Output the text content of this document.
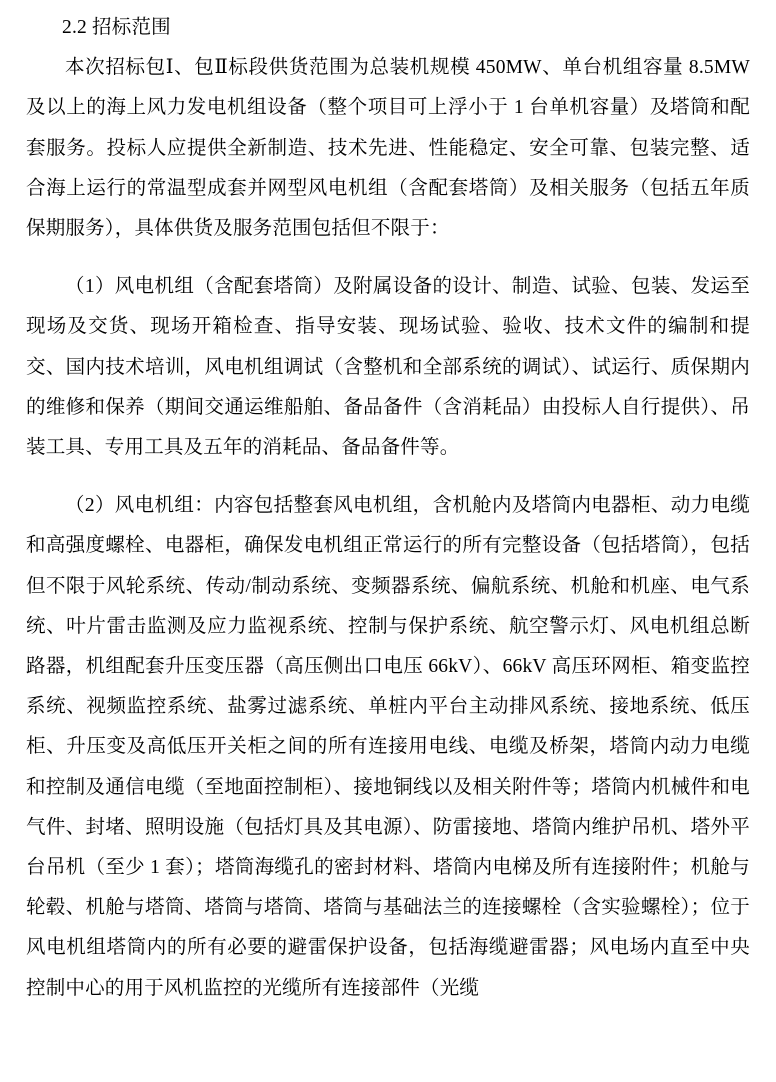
2.2 招标范围

本次招标包Ⅰ、包Ⅱ标段供货范围为总装机规模 450MW、单台机组容量 8.5MW 及以上的海上风力发电机组设备（整个项目可上浮小于 1 台单机容量）及塔筒和配套服务。投标人应提供全新制造、技术先进、性能稳定、安全可靠、包装完整、适合海上运行的常温型成套并网型风电机组（含配套塔筒）及相关服务（包括五年质保期服务），具体供货及服务范围包括但不限于：

（1）风电机组（含配套塔筒）及附属设备的设计、制造、试验、包装、发运至现场及交货、现场开箱检查、指导安装、现场试验、验收、技术文件的编制和提交、国内技术培训，风电机组调试（含整机和全部系统的调试）、试运行、质保期内的维修和保养（期间交通运维船舶、备品备件（含消耗品）由投标人自行提供）、吊装工具、专用工具及五年的消耗品、备品备件等。

（2）风电机组：内容包括整套风电机组，含机舱内及塔筒内电器柜、动力电缆和高强度螺栓、电器柜，确保发电机组正常运行的所有完整设备（包括塔筒），包括但不限于风轮系统、传动/制动系统、变频器系统、偏航系统、机舱和机座、电气系统、叶片雷击监测及应力监视系统、控制与保护系统、航空警示灯、风电机组总断路器，机组配套升压变压器（高压侧出口电压 66kV）、66kV 高压环网柜、箱变监控系统、视频监控系统、盐雾过滤系统、单桩内平台主动排风系统、接地系统、低压柜、升压变及高低压开关柜之间的所有连接用电线、电缆及桥架，塔筒内动力电缆和控制及通信电缆（至地面控制柜）、接地铜线以及相关附件等；塔筒内机械件和电气件、封堵、照明设施（包括灯具及其电源）、防雷接地、塔筒内维护吊机、塔外平台吊机（至少 1 套）；塔筒海缆孔的密封材料、塔筒内电梯及所有连接附件；机舱与轮毂、机舱与塔筒、塔筒与塔筒、塔筒与基础法兰的连接螺栓（含实验螺栓）；位于风电机组塔筒内的所有必要的避雷保护设备，包括海缆避雷器；风电场内直至中央控制中心的用于风机监控的光缆所有连接部件（光缆
